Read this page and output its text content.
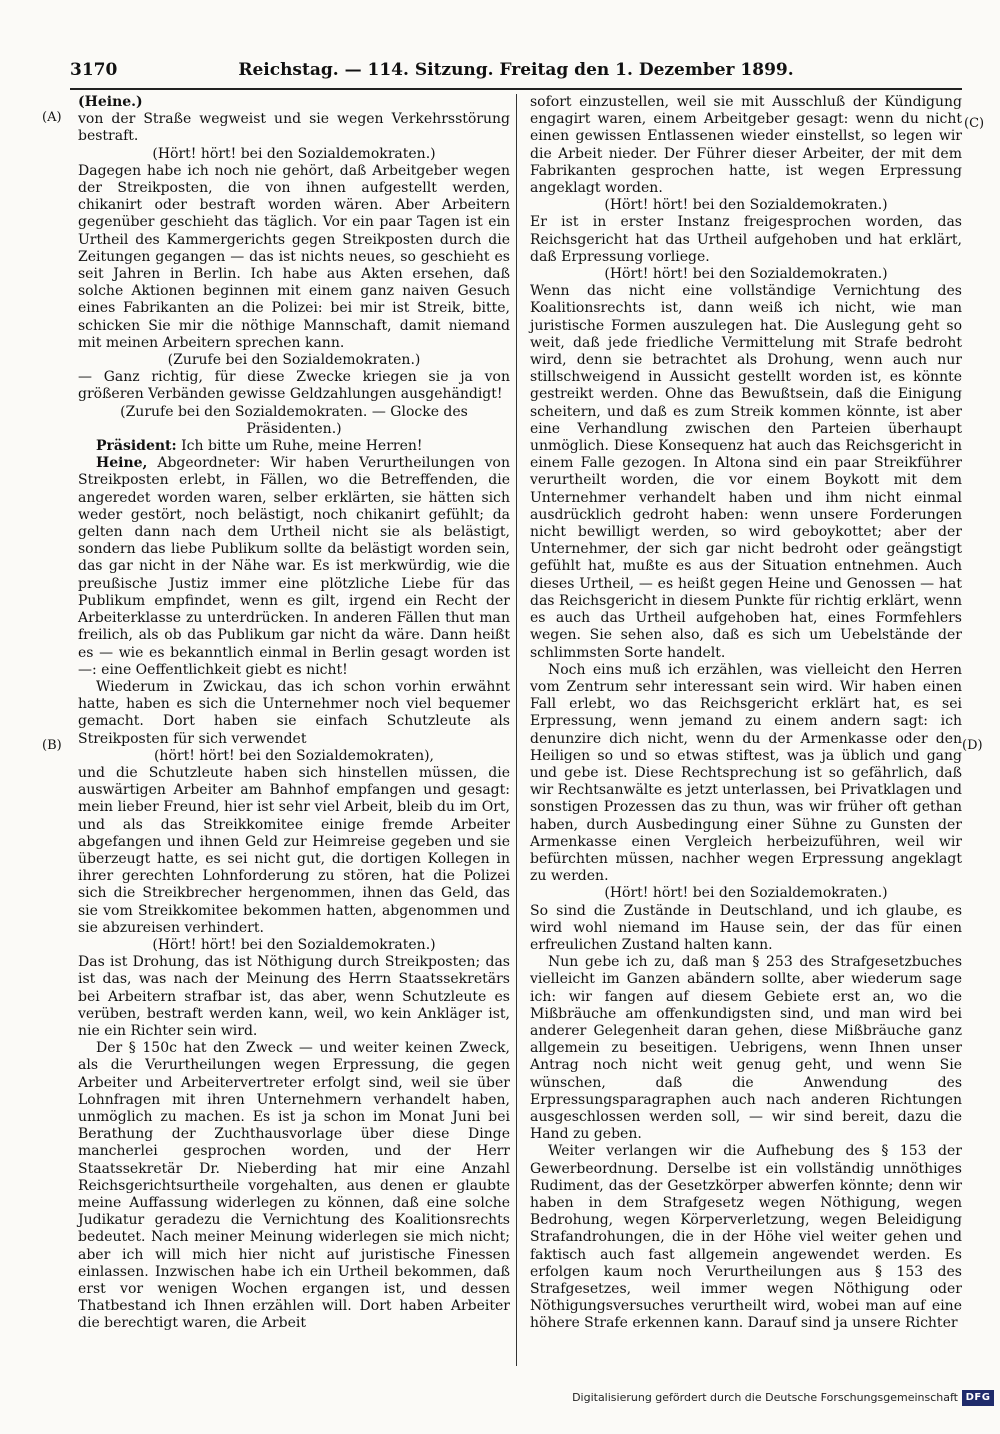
3170	Reichstag. — 114. Sitzung. Freitag den 1. Dezember 1899.
(A)
(B)
(C)
(D)

(Heine.)

von der Straße wegweist und sie wegen Verkehrsstörung bestraft.

(Hört! hört! bei den Sozialdemokraten.)

Dagegen habe ich noch nie gehört, daß Arbeitgeber wegen der Streikposten, die von ihnen aufgestellt werden, chikanirt oder bestraft worden wären. Aber Arbeitern gegenüber geschieht das täglich. Vor ein paar Tagen ist ein Urtheil des Kammergerichts gegen Streikposten durch die Zeitungen gegangen — das ist nichts neues, so geschieht es seit Jahren in Berlin. Ich habe aus Akten ersehen, daß solche Aktionen beginnen mit einem ganz naiven Gesuch eines Fabrikanten an die Polizei: bei mir ist Streik, bitte, schicken Sie mir die nöthige Mannschaft, damit niemand mit meinen Arbeitern sprechen kann.

(Zurufe bei den Sozialdemokraten.)

— Ganz richtig, für diese Zwecke kriegen sie ja von größeren Verbänden gewisse Geldzahlungen ausgehändigt!

(Zurufe bei den Sozialdemokraten. — Glocke des Präsidenten.)

Präsident: Ich bitte um Ruhe, meine Herren!

Heine, Abgeordneter: Wir haben Verurtheilungen von Streikposten erlebt, in Fällen, wo die Betreffenden, die angeredet worden waren, selber erklärten, sie hätten sich weder gestört, noch belästigt, noch chikanirt gefühlt; da gelten dann nach dem Urtheil nicht sie als belästigt, sondern das liebe Publikum sollte da belästigt worden sein, das gar nicht in der Nähe war. Es ist merkwürdig, wie die preußische Justiz immer eine plötzliche Liebe für das Publikum empfindet, wenn es gilt, irgend ein Recht der Arbeiterklasse zu unterdrücken. In anderen Fällen thut man freilich, als ob das Publikum gar nicht da wäre. Dann heißt es — wie es bekanntlich einmal in Berlin gesagt worden ist —: eine Oeffentlichkeit giebt es nicht!

Wiederum in Zwickau, das ich schon vorhin erwähnt hatte, haben es sich die Unternehmer noch viel bequemer gemacht. Dort haben sie einfach Schutzleute als Streikposten für sich verwendet

(hört! hört! bei den Sozialdemokraten),

und die Schutzleute haben sich hinstellen müssen, die auswärtigen Arbeiter am Bahnhof empfangen und gesagt: mein lieber Freund, hier ist sehr viel Arbeit, bleib du im Ort, und als das Streikkomitee einige fremde Arbeiter abgefangen und ihnen Geld zur Heimreise gegeben und sie überzeugt hatte, es sei nicht gut, die dortigen Kollegen in ihrer gerechten Lohnforderung zu stören, hat die Polizei sich die Streikbrecher hergenommen, ihnen das Geld, das sie vom Streikkomitee bekommen hatten, abgenommen und sie abzureisen verhindert.

(Hört! hört! bei den Sozialdemokraten.)

Das ist Drohung, das ist Nöthigung durch Streikposten; das ist das, was nach der Meinung des Herrn Staatssekretärs bei Arbeitern strafbar ist, das aber, wenn Schutzleute es verüben, bestraft werden kann, weil, wo kein Ankläger ist, nie ein Richter sein wird.

Der § 150c hat den Zweck — und weiter keinen Zweck, als die Verurtheilungen wegen Erpressung, die gegen Arbeiter und Arbeitervertreter erfolgt sind, weil sie über Lohnfragen mit ihren Unternehmern verhandelt haben, unmöglich zu machen. Es ist ja schon im Monat Juni bei Berathung der Zuchthausvorlage über diese Dinge mancherlei gesprochen worden, und der Herr Staatssekretär Dr. Nieberding hat mir eine Anzahl Reichsgerichtsurtheile vorgehalten, aus denen er glaubte meine Auffassung widerlegen zu können, daß eine solche Judikatur geradezu die Vernichtung des Koalitionsrechts bedeutet. Nach meiner Meinung widerlegen sie mich nicht; aber ich will mich hier nicht auf juristische Finessen einlassen. Inzwischen habe ich ein Urtheil bekommen, daß erst vor wenigen Wochen ergangen ist, und dessen Thatbestand ich Ihnen erzählen will. Dort haben Arbeiter die berechtigt waren, die Arbeit

sofort einzustellen, weil sie mit Ausschluß der Kündigung engagirt waren, einem Arbeitgeber gesagt: wenn du nicht einen gewissen Entlassenen wieder einstellst, so legen wir die Arbeit nieder. Der Führer dieser Arbeiter, der mit dem Fabrikanten gesprochen hatte, ist wegen Erpressung angeklagt worden.

(Hört! hört! bei den Sozialdemokraten.)

Er ist in erster Instanz freigesprochen worden, das Reichsgericht hat das Urtheil aufgehoben und hat erklärt, daß Erpressung vorliege.

(Hört! hört! bei den Sozialdemokraten.)

Wenn das nicht eine vollständige Vernichtung des Koalitionsrechts ist, dann weiß ich nicht, wie man juristische Formen auszulegen hat. Die Auslegung geht so weit, daß jede friedliche Vermittelung mit Strafe bedroht wird, denn sie betrachtet als Drohung, wenn auch nur stillschweigend in Aussicht gestellt worden ist, es könnte gestreikt werden. Ohne das Bewußtsein, daß die Einigung scheitern, und daß es zum Streik kommen könnte, ist aber eine Verhandlung zwischen den Parteien überhaupt unmöglich. Diese Konsequenz hat auch das Reichsgericht in einem Falle gezogen. In Altona sind ein paar Streikführer verurtheilt worden, die vor einem Boykott mit dem Unternehmer verhandelt haben und ihm nicht einmal ausdrücklich gedroht haben: wenn unsere Forderungen nicht bewilligt werden, so wird geboykottet; aber der Unternehmer, der sich gar nicht bedroht oder geängstigt gefühlt hat, mußte es aus der Situation entnehmen. Auch dieses Urtheil, — es heißt gegen Heine und Genossen — hat das Reichsgericht in diesem Punkte für richtig erklärt, wenn es auch das Urtheil aufgehoben hat, eines Formfehlers wegen. Sie sehen also, daß es sich um Uebelstände der schlimmsten Sorte handelt.

Noch eins muß ich erzählen, was vielleicht den Herren vom Zentrum sehr interessant sein wird. Wir haben einen Fall erlebt, wo das Reichsgericht erklärt hat, es sei Erpressung, wenn jemand zu einem andern sagt: ich denunzire dich nicht, wenn du der Armenkasse oder den Heiligen so und so etwas stiftest, was ja üblich und gang und gebe ist. Diese Rechtsprechung ist so gefährlich, daß wir Rechtsanwälte es jetzt unterlassen, bei Privatklagen und sonstigen Prozessen das zu thun, was wir früher oft gethan haben, durch Ausbedingung einer Sühne zu Gunsten der Armenkasse einen Vergleich herbeizuführen, weil wir befürchten müssen, nachher wegen Erpressung angeklagt zu werden.

(Hört! hört! bei den Sozialdemokraten.)

So sind die Zustände in Deutschland, und ich glaube, es wird wohl niemand im Hause sein, der das für einen erfreulichen Zustand halten kann.

Nun gebe ich zu, daß man § 253 des Strafgesetzbuches vielleicht im Ganzen abändern sollte, aber wiederum sage ich: wir fangen auf diesem Gebiete erst an, wo die Mißbräuche am offenkundigsten sind, und man wird bei anderer Gelegenheit daran gehen, diese Mißbräuche ganz allgemein zu beseitigen. Uebrigens, wenn Ihnen unser Antrag noch nicht weit genug geht, und wenn Sie wünschen, daß die Anwendung des Erpressungsparagraphen auch nach anderen Richtungen ausgeschlossen werden soll, — wir sind bereit, dazu die Hand zu geben.

Weiter verlangen wir die Aufhebung des § 153 der Gewerbeordnung. Derselbe ist ein vollständig unnöthiges Rudiment, das der Gesetzkörper abwerfen könnte; denn wir haben in dem Strafgesetz wegen Nöthigung, wegen Bedrohung, wegen Körperverletzung, wegen Beleidigung Strafandrohungen, die in der Höhe viel weiter gehen und faktisch auch fast allgemein angewendet werden. Es erfolgen kaum noch Verurtheilungen aus § 153 des Strafgesetzes, weil immer wegen Nöthigung oder Nöthigungsversuches verurtheilt wird, wobei man auf eine höhere Strafe erkennen kann. Darauf sind ja unsere Richter

Digitalisierung gefördert durch die Deutsche Forschungsgemeinschaft DFG
